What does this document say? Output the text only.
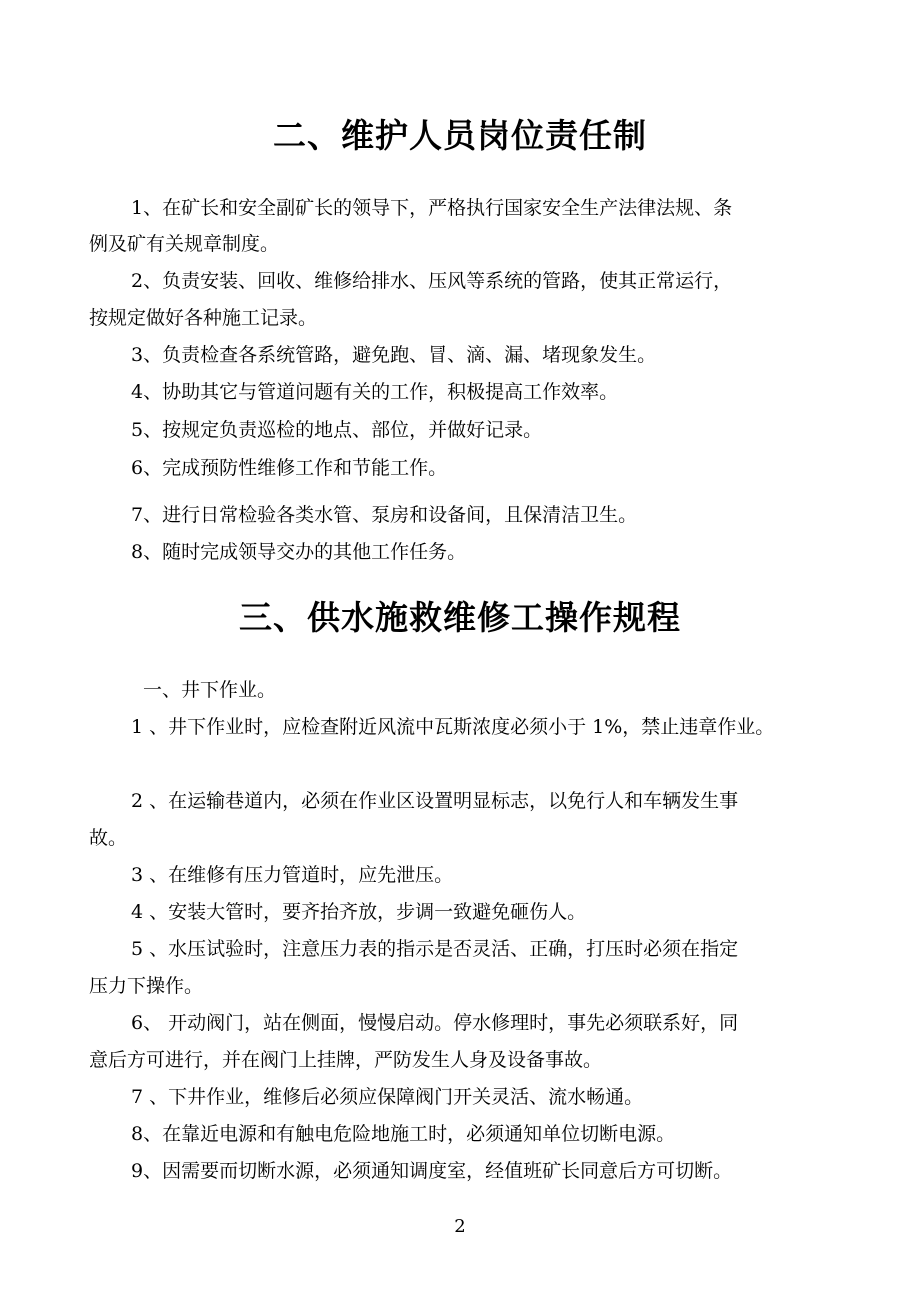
二、维护人员岗位责任制

1、在矿长和安全副矿长的领导下，严格执行国家安全生产法律法规、条

例及矿有关规章制度。

2、负责安装、回收、维修给排水、压风等系统的管路，使其正常运行，

按规定做好各种施工记录。

3、负责检查各系统管路，避免跑、冒、滴、漏、堵现象发生。

4、协助其它与管道问题有关的工作，积极提高工作效率。

5、按规定负责巡检的地点、部位，并做好记录。

6、完成预防性维修工作和节能工作。

7、进行日常检验各类水管、泵房和设备间，且保清洁卫生。

8、随时完成领导交办的其他工作任务。

三、供水施救维修工操作规程

一、井下作业。

1 、井下作业时，应检查附近风流中瓦斯浓度必须小于 1%，禁止违章作业。

2 、在运输巷道内，必须在作业区设置明显标志，以免行人和车辆发生事

故。

3 、在维修有压力管道时，应先泄压。

4 、安装大管时，要齐抬齐放，步调一致避免砸伤人。

5 、水压试验时，注意压力表的指示是否灵活、正确，打压时必须在指定

压力下操作。

6、 开动阀门，站在侧面，慢慢启动。停水修理时，事先必须联系好，同

意后方可进行，并在阀门上挂牌，严防发生人身及设备事故。

7 、下井作业，维修后必须应保障阀门开关灵活、流水畅通。

8、在靠近电源和有触电危险地施工时，必须通知单位切断电源。

9、因需要而切断水源，必须通知调度室，经值班矿长同意后方可切断。

2
